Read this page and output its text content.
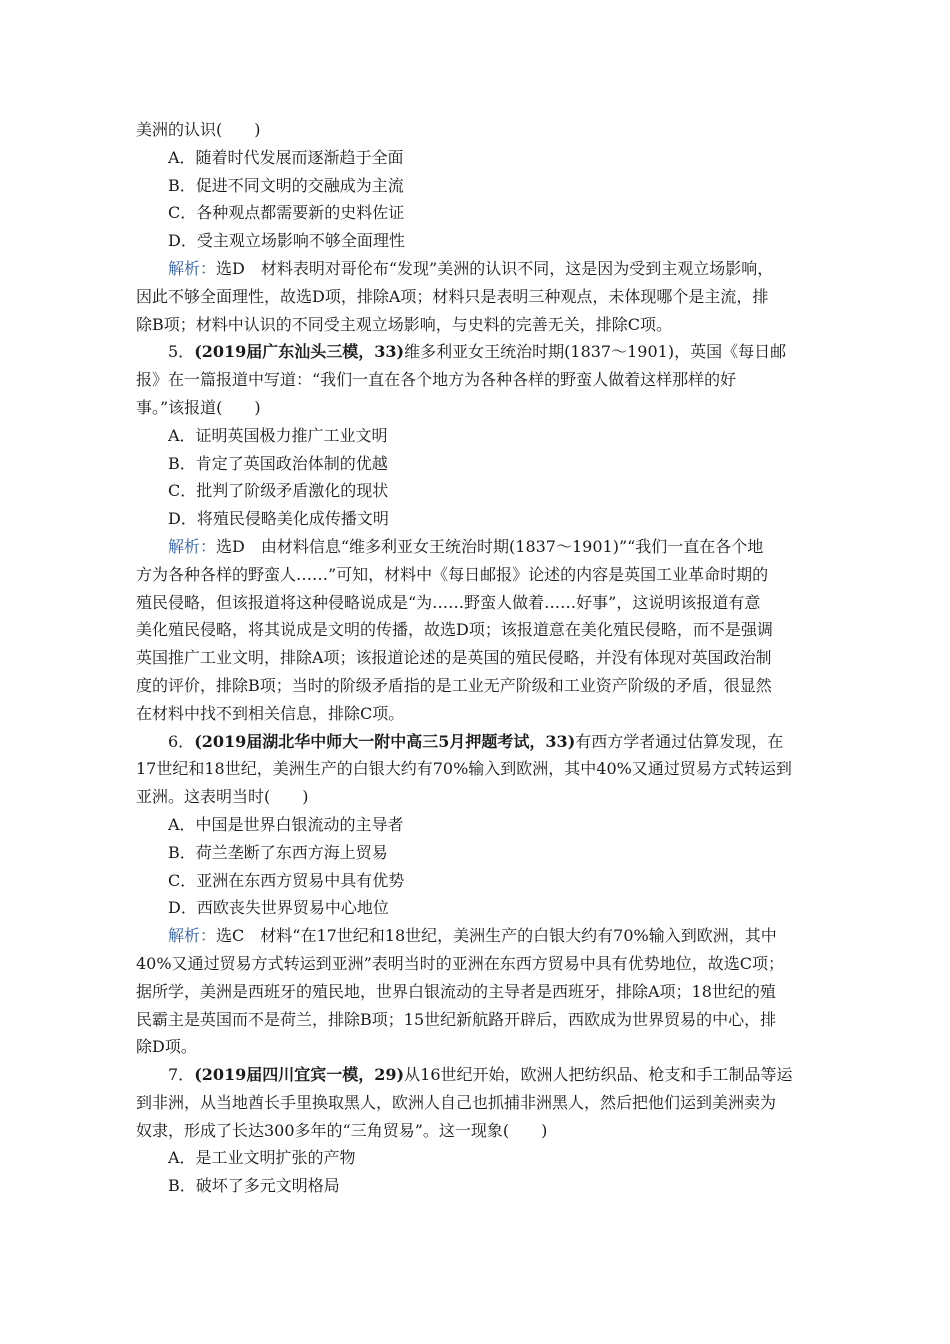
美洲的认识(　　)
A．随着时代发展而逐渐趋于全面
B．促进不同文明的交融成为主流
C．各种观点都需要新的史料佐证
D．受主观立场影响不够全面理性
解析：选D　材料表明对哥伦布“发现”美洲的认识不同，这是因为受到主观立场影响，
因此不够全面理性，故选D项，排除A项；材料只是表明三种观点，未体现哪个是主流，排
除B项；材料中认识的不同受主观立场影响，与史料的完善无关，排除C项。
5．(2019届广东汕头三模，33)维多利亚女王统治时期(1837～1901)，英国《每日邮
报》在一篇报道中写道：“我们一直在各个地方为各种各样的野蛮人做着这样那样的好
事。”该报道(　　)
A．证明英国极力推广工业文明
B．肯定了英国政治体制的优越
C．批判了阶级矛盾激化的现状
D．将殖民侵略美化成传播文明
解析：选D　由材料信息“维多利亚女王统治时期(1837～1901)”“我们一直在各个地
方为各种各样的野蛮人……”可知，材料中《每日邮报》论述的内容是英国工业革命时期的
殖民侵略，但该报道将这种侵略说成是“为……野蛮人做着……好事”，这说明该报道有意
美化殖民侵略，将其说成是文明的传播，故选D项；该报道意在美化殖民侵略，而不是强调
英国推广工业文明，排除A项；该报道论述的是英国的殖民侵略，并没有体现对英国政治制
度的评价，排除B项；当时的阶级矛盾指的是工业无产阶级和工业资产阶级的矛盾，很显然
在材料中找不到相关信息，排除C项。
6．(2019届湖北华中师大一附中高三5月押题考试，33)有西方学者通过估算发现，在
17世纪和18世纪，美洲生产的白银大约有70%输入到欧洲，其中40%又通过贸易方式转运到
亚洲。这表明当时(　　)
A．中国是世界白银流动的主导者
B．荷兰垄断了东西方海上贸易
C．亚洲在东西方贸易中具有优势
D．西欧丧失世界贸易中心地位
解析：选C　材料“在17世纪和18世纪，美洲生产的白银大约有70%输入到欧洲，其中
40%又通过贸易方式转运到亚洲”表明当时的亚洲在东西方贸易中具有优势地位，故选C项；
据所学，美洲是西班牙的殖民地，世界白银流动的主导者是西班牙，排除A项；18世纪的殖
民霸主是英国而不是荷兰，排除B项；15世纪新航路开辟后，西欧成为世界贸易的中心，排
除D项。
7．(2019届四川宜宾一模，29)从16世纪开始，欧洲人把纺织品、枪支和手工制品等运
到非洲，从当地酋长手里换取黑人，欧洲人自己也抓捕非洲黑人，然后把他们运到美洲卖为
奴隶，形成了长达300多年的“三角贸易”。这一现象(　　)
A．是工业文明扩张的产物
B．破坏了多元文明格局
